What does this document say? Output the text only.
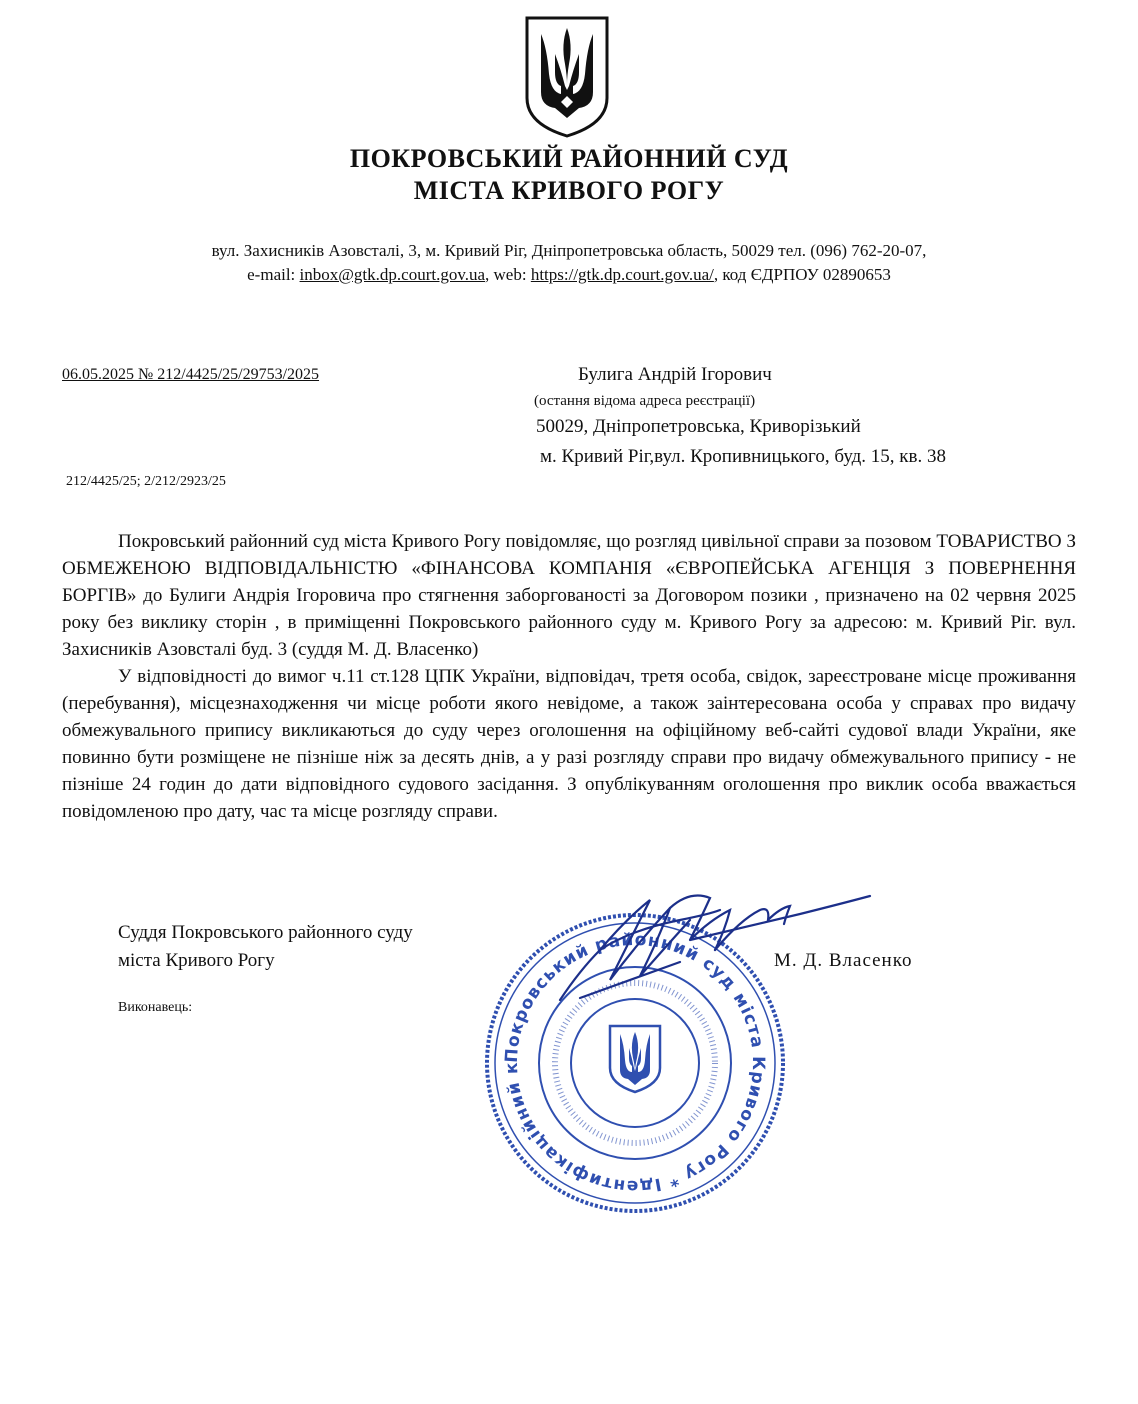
ПОКРОВСЬКИЙ РАЙОННИЙ СУД
МІСТА КРИВОГО РОГУ
вул. Захисників Азовсталі, 3, м. Кривий Ріг, Дніпропетровська область, 50029 тел. (096) 762-20-07,
e-mail: inbox@gtk.dp.court.gov.ua, web: https://gtk.dp.court.gov.ua/, код ЄДРПОУ 02890653
06.05.2025 № 212/4425/25/29753/2025	Булига Андрій Ігорович
(остання відома адреса реєстрації)
50029, Дніпропетровська, Криворізький
м. Кривий Ріг,вул. Кропивницького, буд. 15, кв. 38
212/4425/25; 2/212/2923/25

Покровський районний суд міста Кривого Рогу повідомляє, що розгляд цивільної справи за позовом ТОВАРИСТВО З ОБМЕЖЕНОЮ ВІДПОВІДАЛЬНІСТЮ «ФІНАНСОВА КОМПАНІЯ «ЄВРОПЕЙСЬКА АГЕНЦІЯ З ПОВЕРНЕННЯ БОРГІВ» до Булиги Андрія Ігоровича про стягнення заборгованості за Договором позики , призначено на 02 червня 2025 року без виклику сторін , в приміщенні Покровського районного суду м. Кривого Рогу за адресою: м. Кривий Ріг. вул. Захисників Азовсталі буд. 3 (суддя М. Д. Власенко)

У відповідності до вимог ч.11 ст.128 ЦПК України, відповідач, третя особа, свідок, зареєстроване місце проживання (перебування), місцезнаходження чи місце роботи якого невідоме, а також заінтересована особа у справах про видачу обмежувального припису викликаються до суду через оголошення на офіційному веб-сайті судової влади України, яке повинно бути розміщене не пізніше ніж за десять днів, а у разі розгляду справи про видачу обмежувального припису - не пізніше 24 годин до дати відповідного судового засідання. З опублікуванням оголошення про виклик особа вважається повідомленою про дату, час та місце розгляду справи.

Покровський районний суд міста Кривого Рогу * Ідентифікаційний к
Суддя Покровського районного суду
міста Кривого Рогу	М. Д. Власенко
Виконавець:
